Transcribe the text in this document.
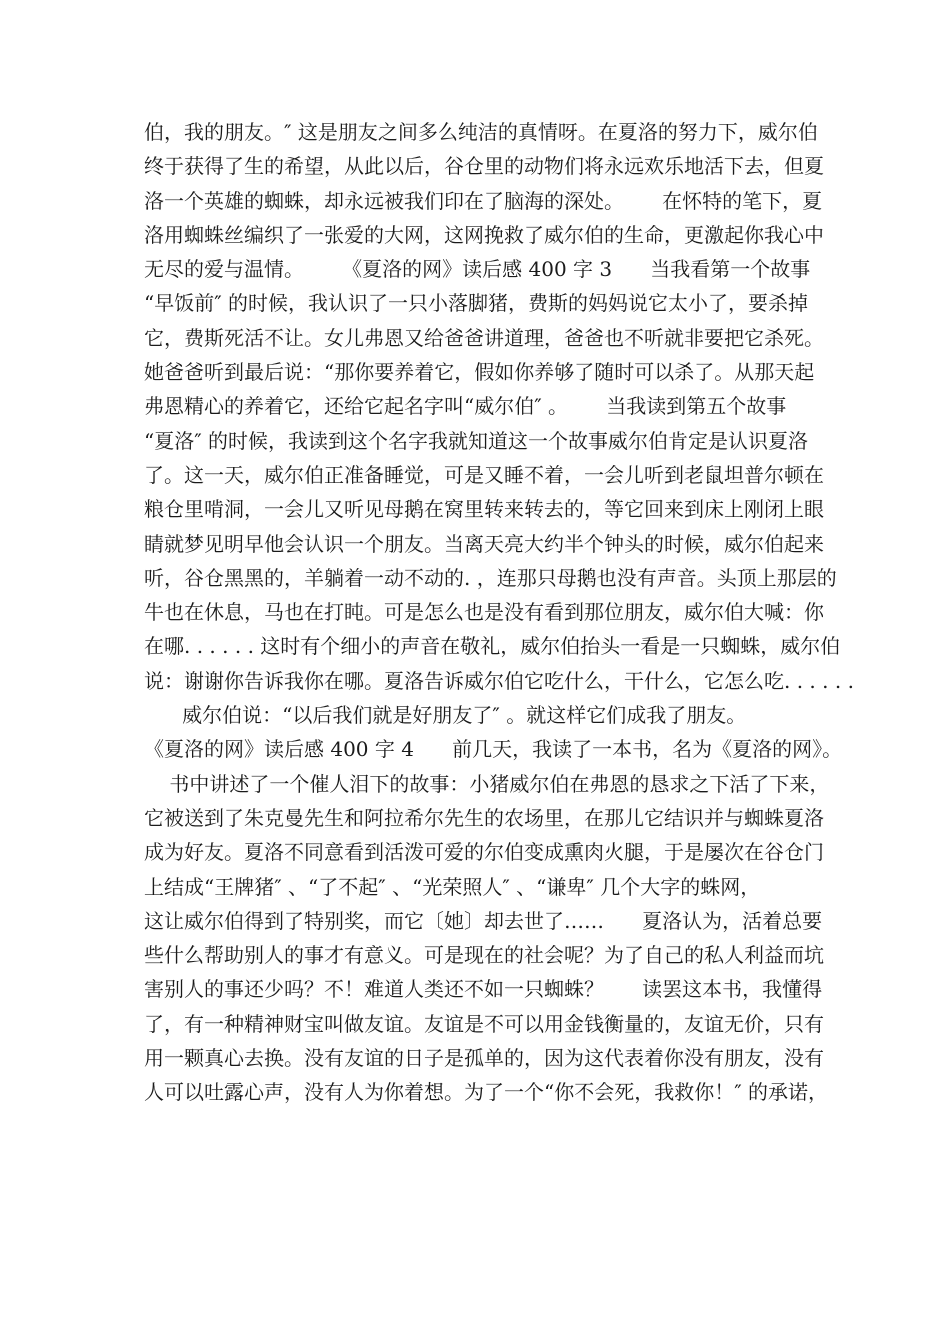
伯，我的朋友。″ 这是朋友之间多么纯洁的真情呀。在夏洛的努力下，威尔伯
终于获得了生的希望，从此以后，谷仓里的动物们将永远欢乐地活下去，但夏
洛一个英雄的蜘蛛，却永远被我们印在了脑海的深处。      在怀特的笔下，夏
洛用蜘蛛丝编织了一张爱的大网，这网挽救了威尔伯的生命，更激起你我心中
无尽的爱与温情。      《夏洛的网》读后感 400 字 3      当我看第一个故事
“早饭前″ 的时候，我认识了一只小落脚猪，费斯的妈妈说它太小了，要杀掉
它，费斯死活不让。女儿弗恩又给爸爸讲道理，爸爸也不听就非要把它杀死。
她爸爸听到最后说：“那你要养着它，假如你养够了随时可以杀了。从那天起
弗恩精心的养着它，还给它起名字叫“威尔伯″ 。      当我读到第五个故事
“夏洛″ 的时候，我读到这个名字我就知道这一个故事威尔伯肯定是认识夏洛
了。这一天，威尔伯正准备睡觉，可是又睡不着，一会儿听到老鼠坦普尔顿在
粮仓里啃洞，一会儿又听见母鹅在窝里转来转去的，等它回来到床上刚闭上眼
睛就梦见明早他会认识一个朋友。当离天亮大约半个钟头的时候，威尔伯起来
听，谷仓黑黑的，羊躺着一动不动的. ，连那只母鹅也没有声音。头顶上那层的
牛也在休息，马也在打盹。可是怎么也是没有看到那位朋友，威尔伯大喊：你
在哪. . . . . . 这时有个细小的声音在敬礼，威尔伯抬头一看是一只蜘蛛，威尔伯
说：谢谢你告诉我你在哪。夏洛告诉威尔伯它吃什么，干什么，它怎么吃. . . . . .
威尔伯说：“以后我们就是好朋友了″ 。就这样它们成我了朋友。
《夏洛的网》读后感 400 字 4      前几天，我读了一本书，名为《夏洛的网》。
书中讲述了一个催人泪下的故事：小猪威尔伯在弗恩的恳求之下活了下来，
它被送到了朱克曼先生和阿拉希尔先生的农场里，在那儿它结识并与蜘蛛夏洛
成为好友。夏洛不同意看到活泼可爱的尔伯变成熏肉火腿，于是屡次在谷仓门
上结成“王牌猪″ 、“了不起″ 、“光荣照人″ 、“谦卑″ 几个大字的蛛网，
这让威尔伯得到了特别奖，而它〔她〕却去世了……      夏洛认为，活着总要
些什么帮助别人的事才有意义。可是现在的社会呢？为了自己的私人利益而坑
害别人的事还少吗？不！难道人类还不如一只蜘蛛？      读罢这本书，我懂得
了，有一种精神财宝叫做友谊。友谊是不可以用金钱衡量的，友谊无价，只有
用一颗真心去换。没有友谊的日子是孤单的，因为这代表着你没有朋友，没有
人可以吐露心声，没有人为你着想。为了一个“你不会死，我救你！″ 的承诺，
